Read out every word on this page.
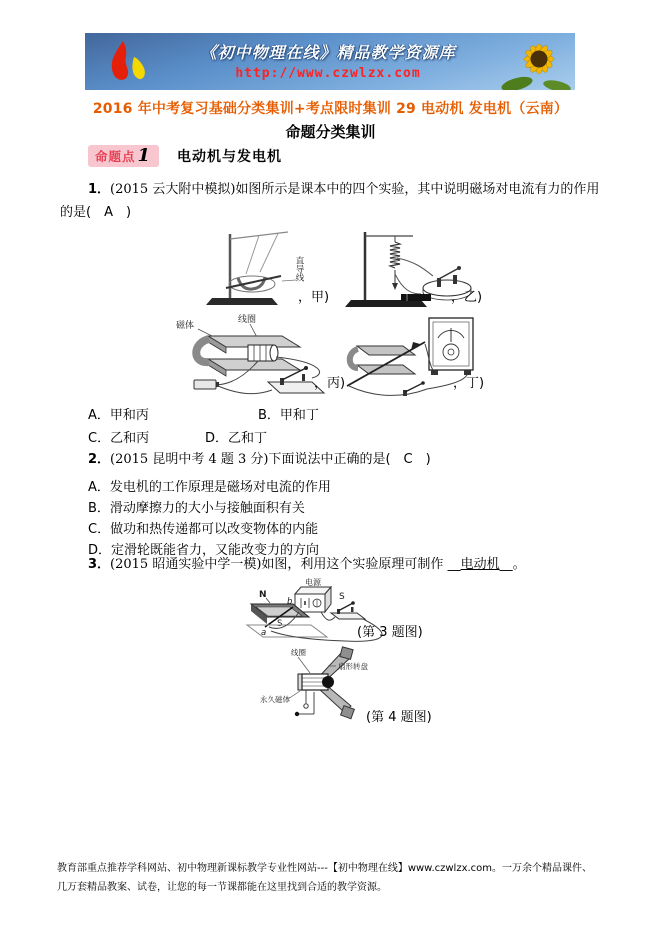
《初中物理在线》精品教学资源库
http://www.czwlzx.com
2016 年中考复习基础分类集训+考点限时集训 29 电动机 发电机（云南）
命题分类集训
命题点 1 电动机与发电机
1．(2015 云大附中模拟)如图所示是课本中的四个实验，其中说明磁场对电流有力的作用的是(　A　)
直导线
，甲)	，乙)
磁体
线圈
，丙)	，丁)
A．甲和丙	B．甲和丁
C．乙和丙	D．乙和丁
2．(2015 昆明中考 4 题 3 分)下面说法中正确的是(　C　)
A．发电机的工作原理是磁场对电流的作用
B．滑动摩擦力的大小与接触面积有关
C．做功和热传递都可以改变物体的内能
D．定滑轮既能省力，又能改变力的方向
3．(2015 昭通实验中学一模)如图，利用这个实验原理可制作 __电动机__。
电源
N
S
b
a
S
(第 3 题图)
线圈
扇形转盘
永久磁体
(第 4 题图)
教育部重点推荐学科网站、初中物理新课标教学专业性网站---【初中物理在线】www.czwlzx.com。一万余个精品课件、
几万套精品教案、试卷，让您的每一节课都能在这里找到合适的教学资源。
